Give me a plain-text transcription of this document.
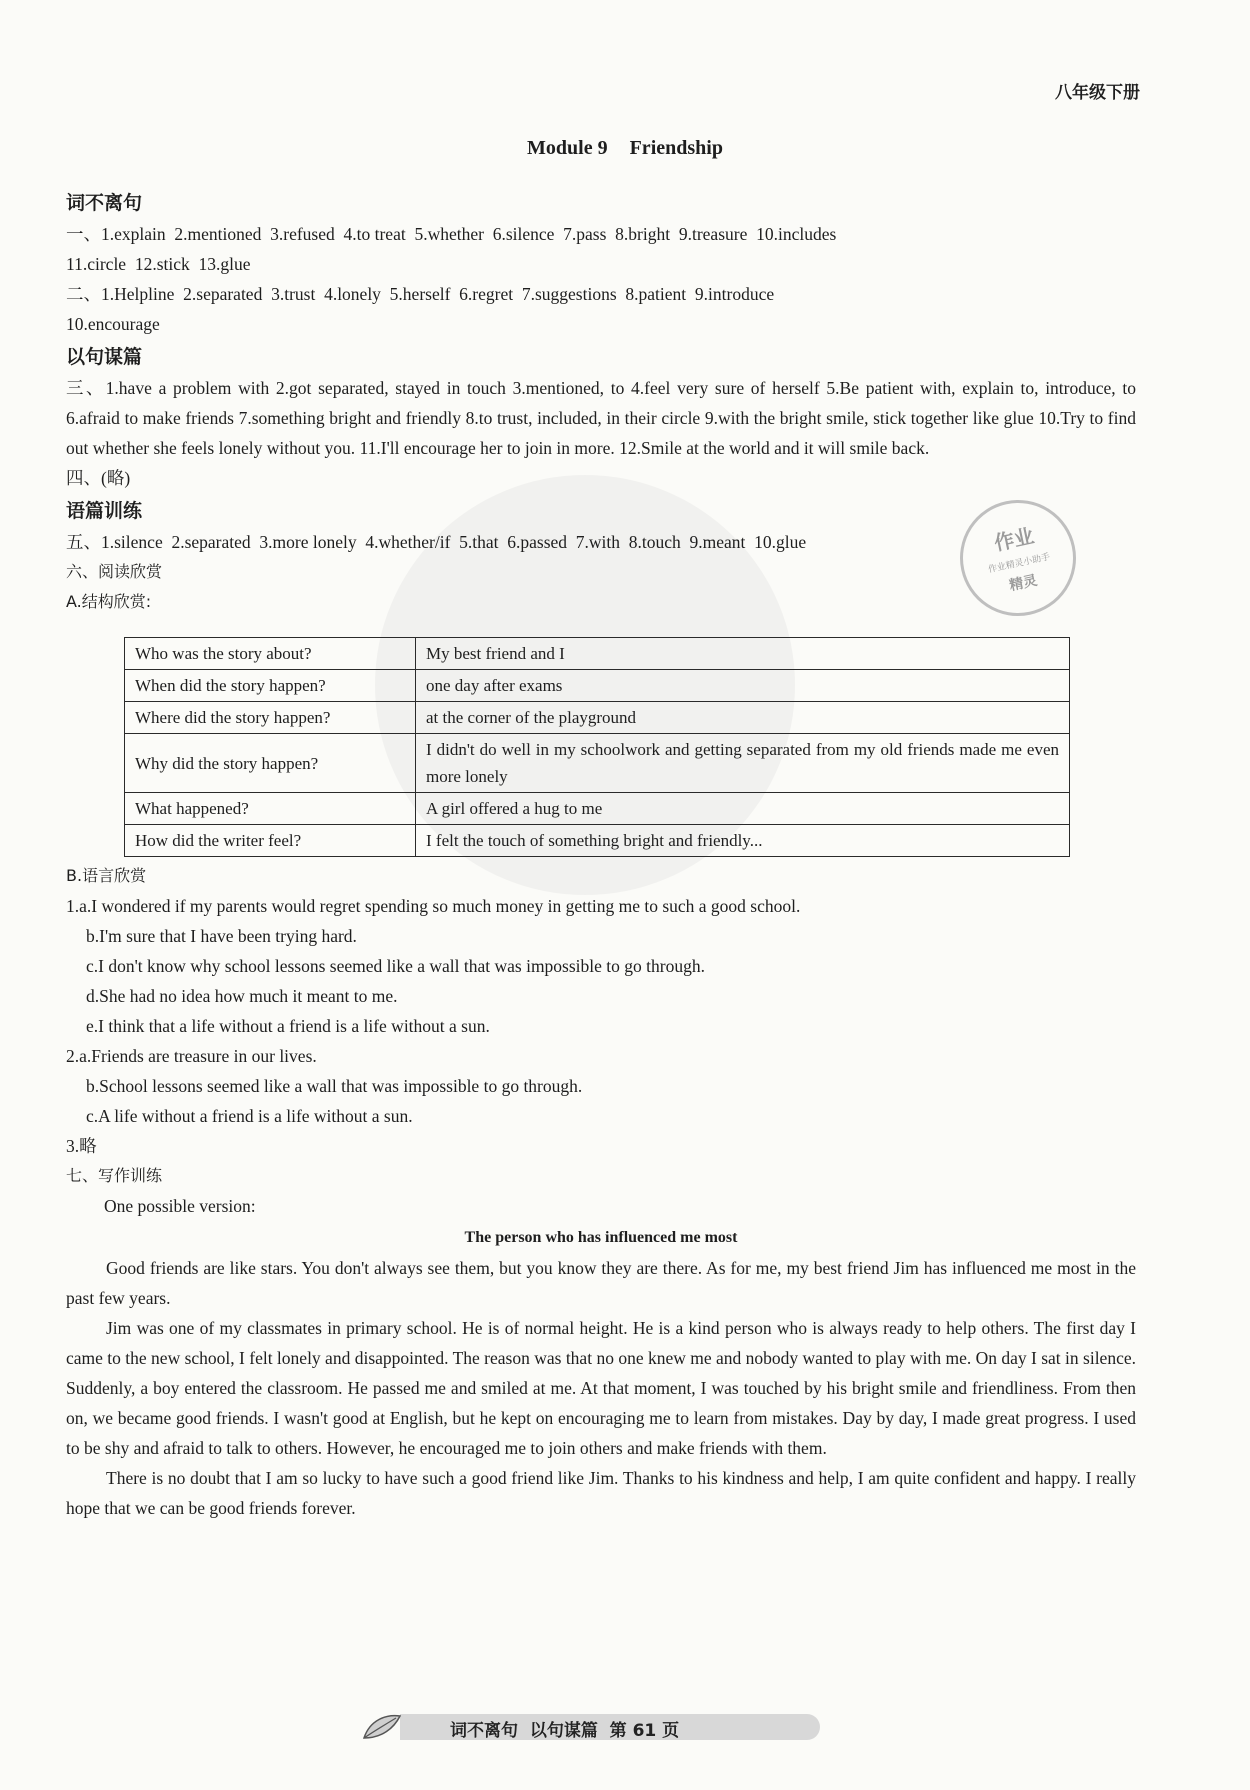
作业
作业精灵小助手
精灵
八年级下册
Module 9 Friendship
词不离句
一、1.explain  2.mentioned  3.refused  4.to treat  5.whether  6.silence  7.pass  8.bright  9.treasure  10.includes
11.circle  12.stick  13.glue
二、1.Helpline  2.separated  3.trust  4.lonely  5.herself  6.regret  7.suggestions  8.patient  9.introduce
10.encourage
以句谋篇
三、1.have a problem with 2.got separated, stayed in touch 3.mentioned, to 4.feel very sure of herself 5.Be patient with, explain to, introduce, to 6.afraid to make friends 7.something bright and friendly 8.to trust, included, in their circle 9.with the bright smile, stick together like glue 10.Try to find out whether she feels lonely without you. 11.I'll encourage her to join in more. 12.Smile at the world and it will smile back.
四、(略)
语篇训练
五、1.silence  2.separated  3.more lonely  4.whether/if  5.that  6.passed  7.with  8.touch  9.meant  10.glue
六、阅读欣赏
A.结构欣赏:
Who was the story about?	My best friend and I
When did the story happen?	one day after exams
Where did the story happen?	at the corner of the playground
Why did the story happen?	I didn't do well in my schoolwork and getting separated from my old friends made me even more lonely
What happened?	A girl offered a hug to me
How did the writer feel?	I felt the touch of something bright and friendly...
B.语言欣赏
1.a.I wondered if my parents would regret spending so much money in getting me to such a good school.
b.I'm sure that I have been trying hard.
c.I don't know why school lessons seemed like a wall that was impossible to go through.
d.She had no idea how much it meant to me.
e.I think that a life without a friend is a life without a sun.
2.a.Friends are treasure in our lives.
b.School lessons seemed like a wall that was impossible to go through.
c.A life without a friend is a life without a sun.
3.略
七、写作训练
One possible version:
The person who has influenced me most
Good friends are like stars. You don't always see them, but you know they are there. As for me, my best friend Jim has influenced me most in the past few years.
Jim was one of my classmates in primary school. He is of normal height. He is a kind person who is always ready to help others. The first day I came to the new school, I felt lonely and disappointed. The reason was that no one knew me and nobody wanted to play with me. On day I sat in silence. Suddenly, a boy entered the classroom. He passed me and smiled at me. At that moment, I was touched by his bright smile and friendliness. From then on, we became good friends. I wasn't good at English, but he kept on encouraging me to learn from mistakes. Day by day, I made great progress. I used to be shy and afraid to talk to others. However, he encouraged me to join others and make friends with them.
There is no doubt that I am so lucky to have such a good friend like Jim. Thanks to his kindness and help, I am quite confident and happy. I really hope that we can be good friends forever.
词不离句  以句谋篇  第 61 页
